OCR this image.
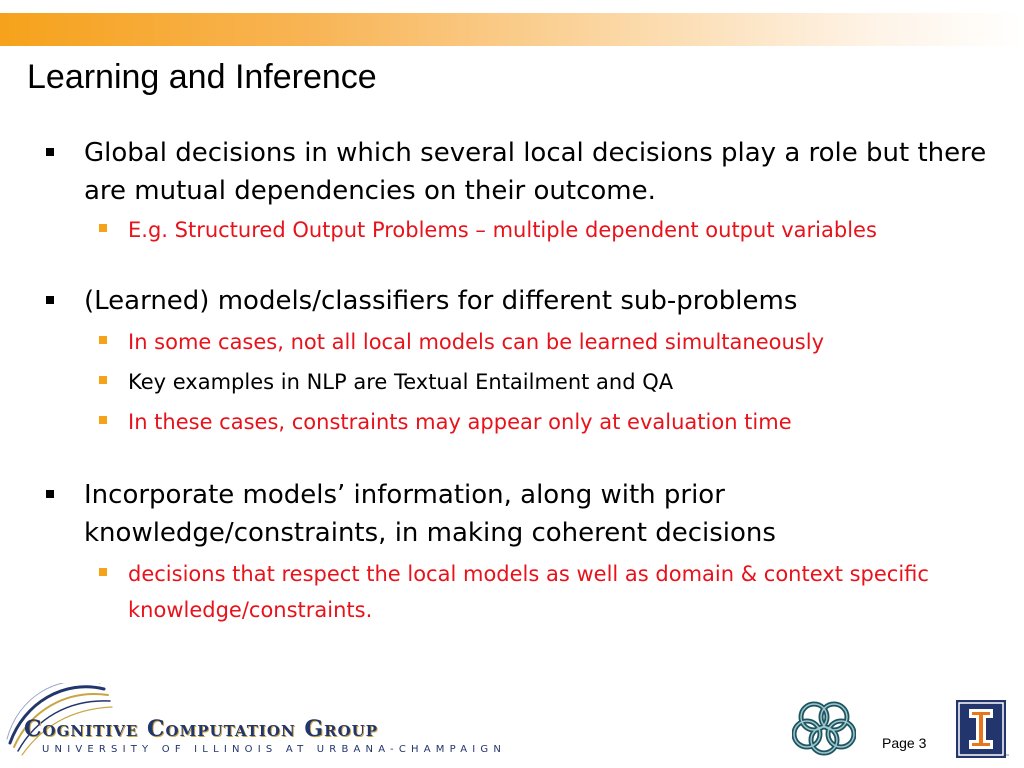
Learning and Inference
Global decisions in which several local decisions play a role but there are mutual dependencies on their outcome.
E.g. Structured Output Problems – multiple dependent output variables
(Learned) models/classifiers for different sub-problems
In some cases, not all local models can be learned simultaneously
Key examples in NLP are Textual Entailment and QA
In these cases, constraints may appear only at evaluation time
Incorporate models’ information, along with prior knowledge/constraints, in making coherent decisions
decisions that respect the local models as well as domain & context specific knowledge/constraints.
Cognitive Computation Group
UNIVERSITY OF ILLINOIS AT URBANA-CHAMPAIGN	Page 3
™
